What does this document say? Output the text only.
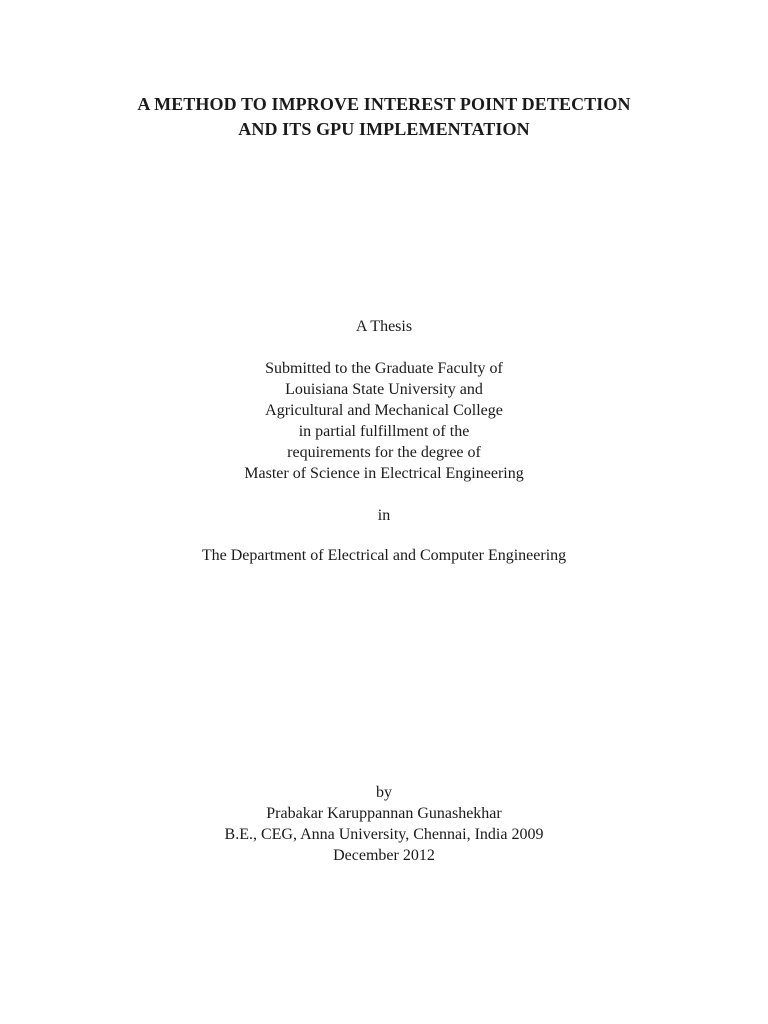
A METHOD TO IMPROVE INTEREST POINT DETECTION
AND ITS GPU IMPLEMENTATION
A Thesis
Submitted to the Graduate Faculty of
Louisiana State University and
Agricultural and Mechanical College
in partial fulfillment of the
requirements for the degree of
Master of Science in Electrical Engineering
in
The Department of Electrical and Computer Engineering
by
Prabakar Karuppannan Gunashekhar
B.E., CEG, Anna University, Chennai, India 2009
December 2012
